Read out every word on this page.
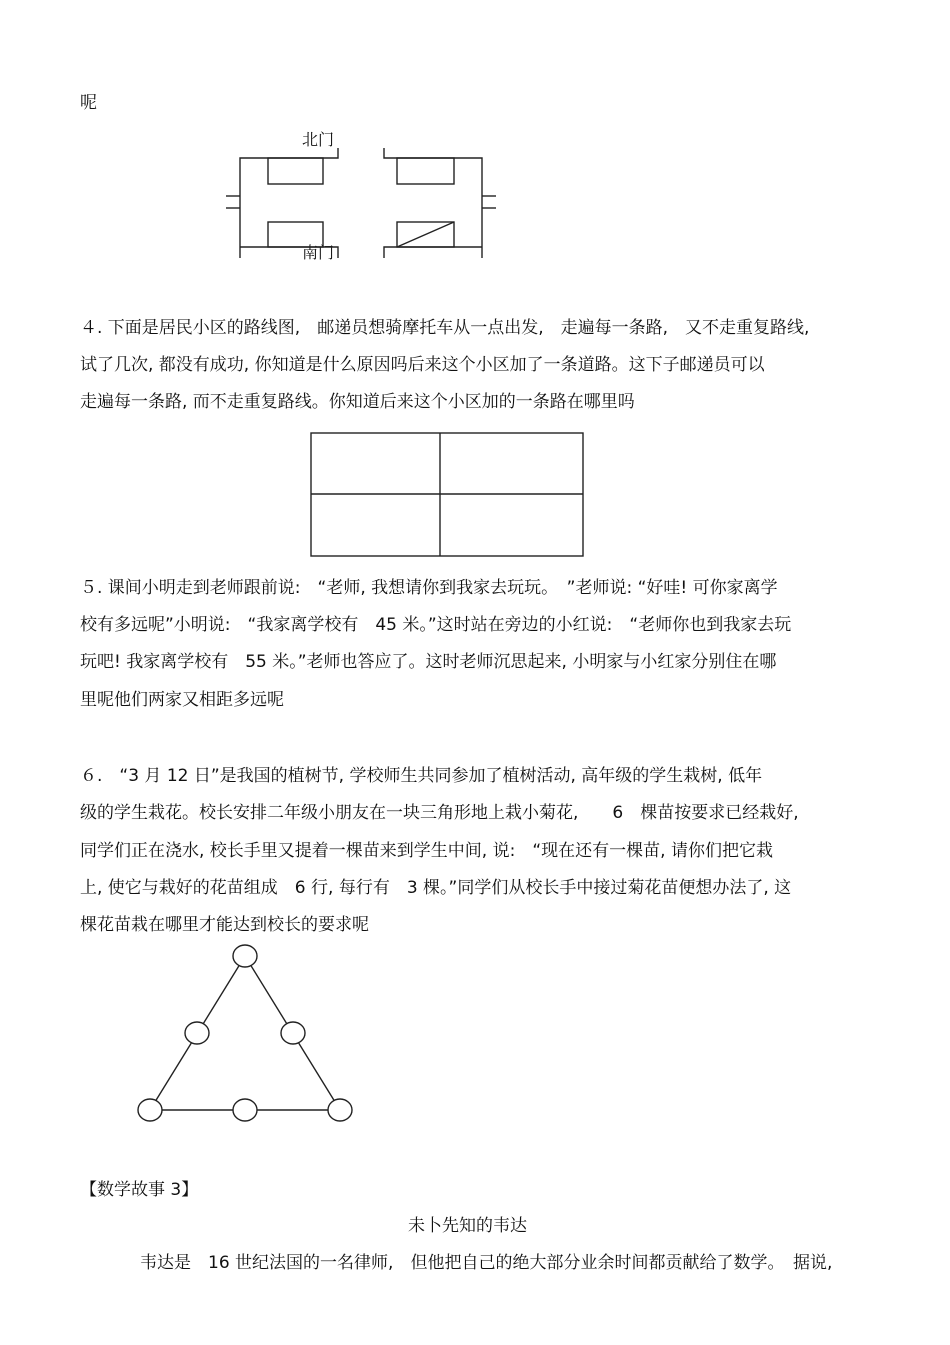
呢
北门
南门
４. 下面是居民小区的路线图,　邮递员想骑摩托车从一点出发,　走遍每一条路,　又不走重复路线,
试了几次, 都没有成功, 你知道是什么原因吗后来这个小区加了一条道路。这下子邮递员可以
走遍每一条路, 而不走重复路线。你知道后来这个小区加的一条路在哪里吗
５. 课间小明走到老师跟前说:　“老师, 我想请你到我家去玩玩。　”老师说: “好哇! 可你家离学
校有多远呢”小明说:　“我家离学校有　45 米。”这时站在旁边的小红说:　“老师你也到我家去玩
玩吧! 我家离学校有　55 米。”老师也答应了。这时老师沉思起来, 小明家与小红家分别住在哪
里呢他们两家又相距多远呢
６.　“3 月 12 日”是我国的植树节, 学校师生共同参加了植树活动, 高年级的学生栽树, 低年
级的学生栽花。校长安排二年级小朋友在一块三角形地上栽小菊花,　　6　棵苗按要求已经栽好,
同学们正在浇水, 校长手里又提着一棵苗来到学生中间, 说:　“现在还有一棵苗, 请你们把它栽
上, 使它与栽好的花苗组成　6 行, 每行有　3 棵。”同学们从校长手中接过菊花苗便想办法了, 这
棵花苗栽在哪里才能达到校长的要求呢
【数学故事 3】
未卜先知的韦达
韦达是　16 世纪法国的一名律师,　但他把自己的绝大部分业余时间都贡献给了数学。　据说,
